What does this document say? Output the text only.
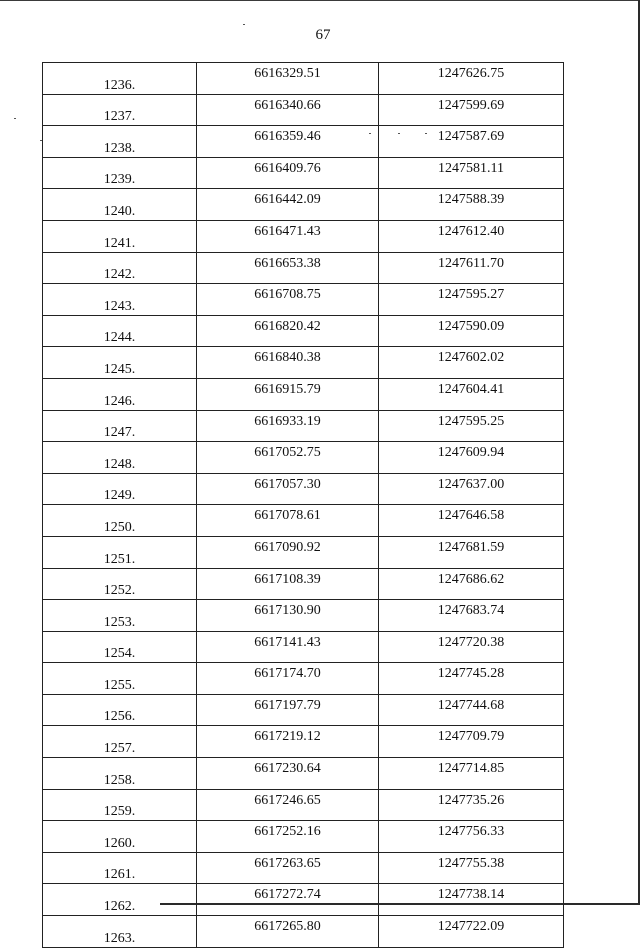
67
1236.	6616329.51	1247626.75
1237.	6616340.66	1247599.69
1238.	6616359.46	1247587.69
1239.	6616409.76	1247581.11
1240.	6616442.09	1247588.39
1241.	6616471.43	1247612.40
1242.	6616653.38	1247611.70
1243.	6616708.75	1247595.27
1244.	6616820.42	1247590.09
1245.	6616840.38	1247602.02
1246.	6616915.79	1247604.41
1247.	6616933.19	1247595.25
1248.	6617052.75	1247609.94
1249.	6617057.30	1247637.00
1250.	6617078.61	1247646.58
1251.	6617090.92	1247681.59
1252.	6617108.39	1247686.62
1253.	6617130.90	1247683.74
1254.	6617141.43	1247720.38
1255.	6617174.70	1247745.28
1256.	6617197.79	1247744.68
1257.	6617219.12	1247709.79
1258.	6617230.64	1247714.85
1259.	6617246.65	1247735.26
1260.	6617252.16	1247756.33
1261.	6617263.65	1247755.38
1262.	6617272.74	1247738.14
1263.	6617265.80	1247722.09
